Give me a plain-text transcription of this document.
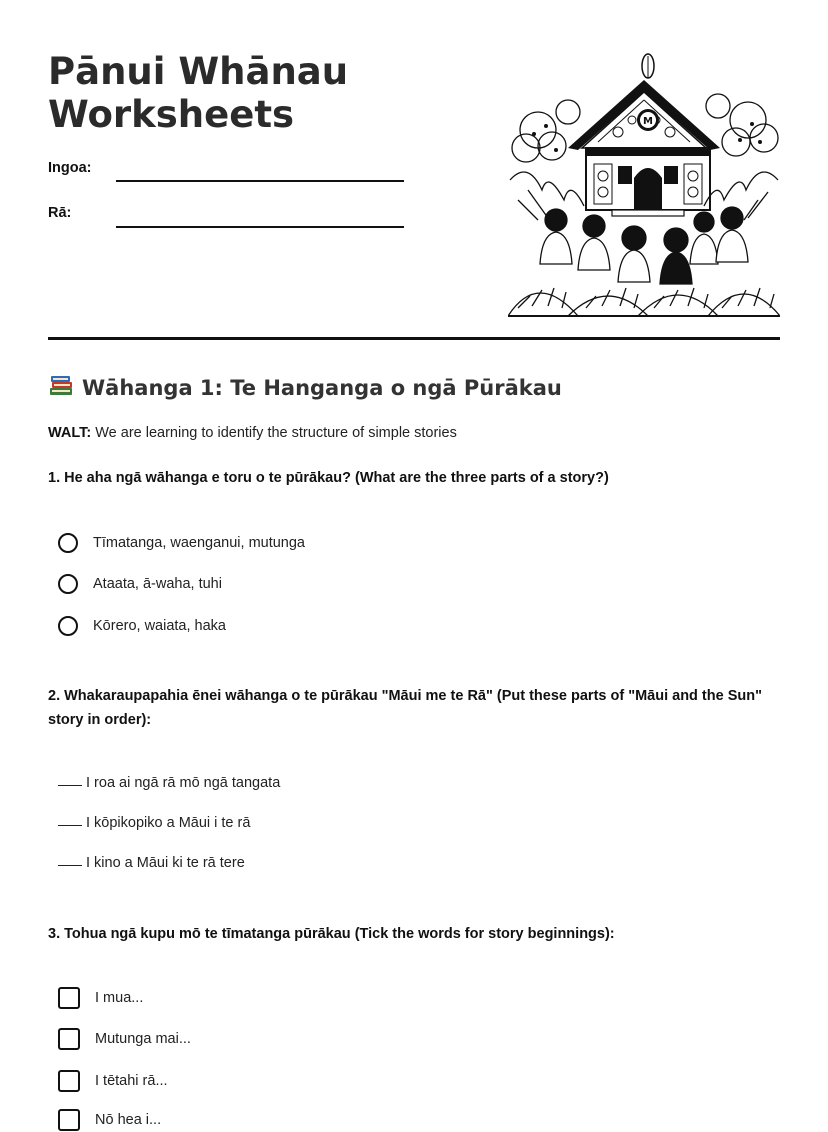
Pānui Whānau Worksheets
Ingoa:
Rā:
M
Wāhanga 1: Te Hanganga o ngā Pūrākau
WALT: We are learning to identify the structure of simple stories
1. He aha ngā wāhanga e toru o te pūrākau? (What are the three parts of a story?)
Tīmatanga, waenganui, mutunga
Ataata, ā-waha, tuhi
Kōrero, waiata, haka
2. Whakaraupapahia ēnei wāhanga o te pūrākau "Māui me te Rā" (Put these parts of "Māui and the Sun" story in order):
I roa ai ngā rā mō ngā tangata
I kōpikopiko a Māui i te rā
I kino a Māui ki te rā tere
3. Tohua ngā kupu mō te tīmatanga pūrākau (Tick the words for story beginnings):
I mua...
Mutunga mai...
I tētahi rā...
Nō hea i...
